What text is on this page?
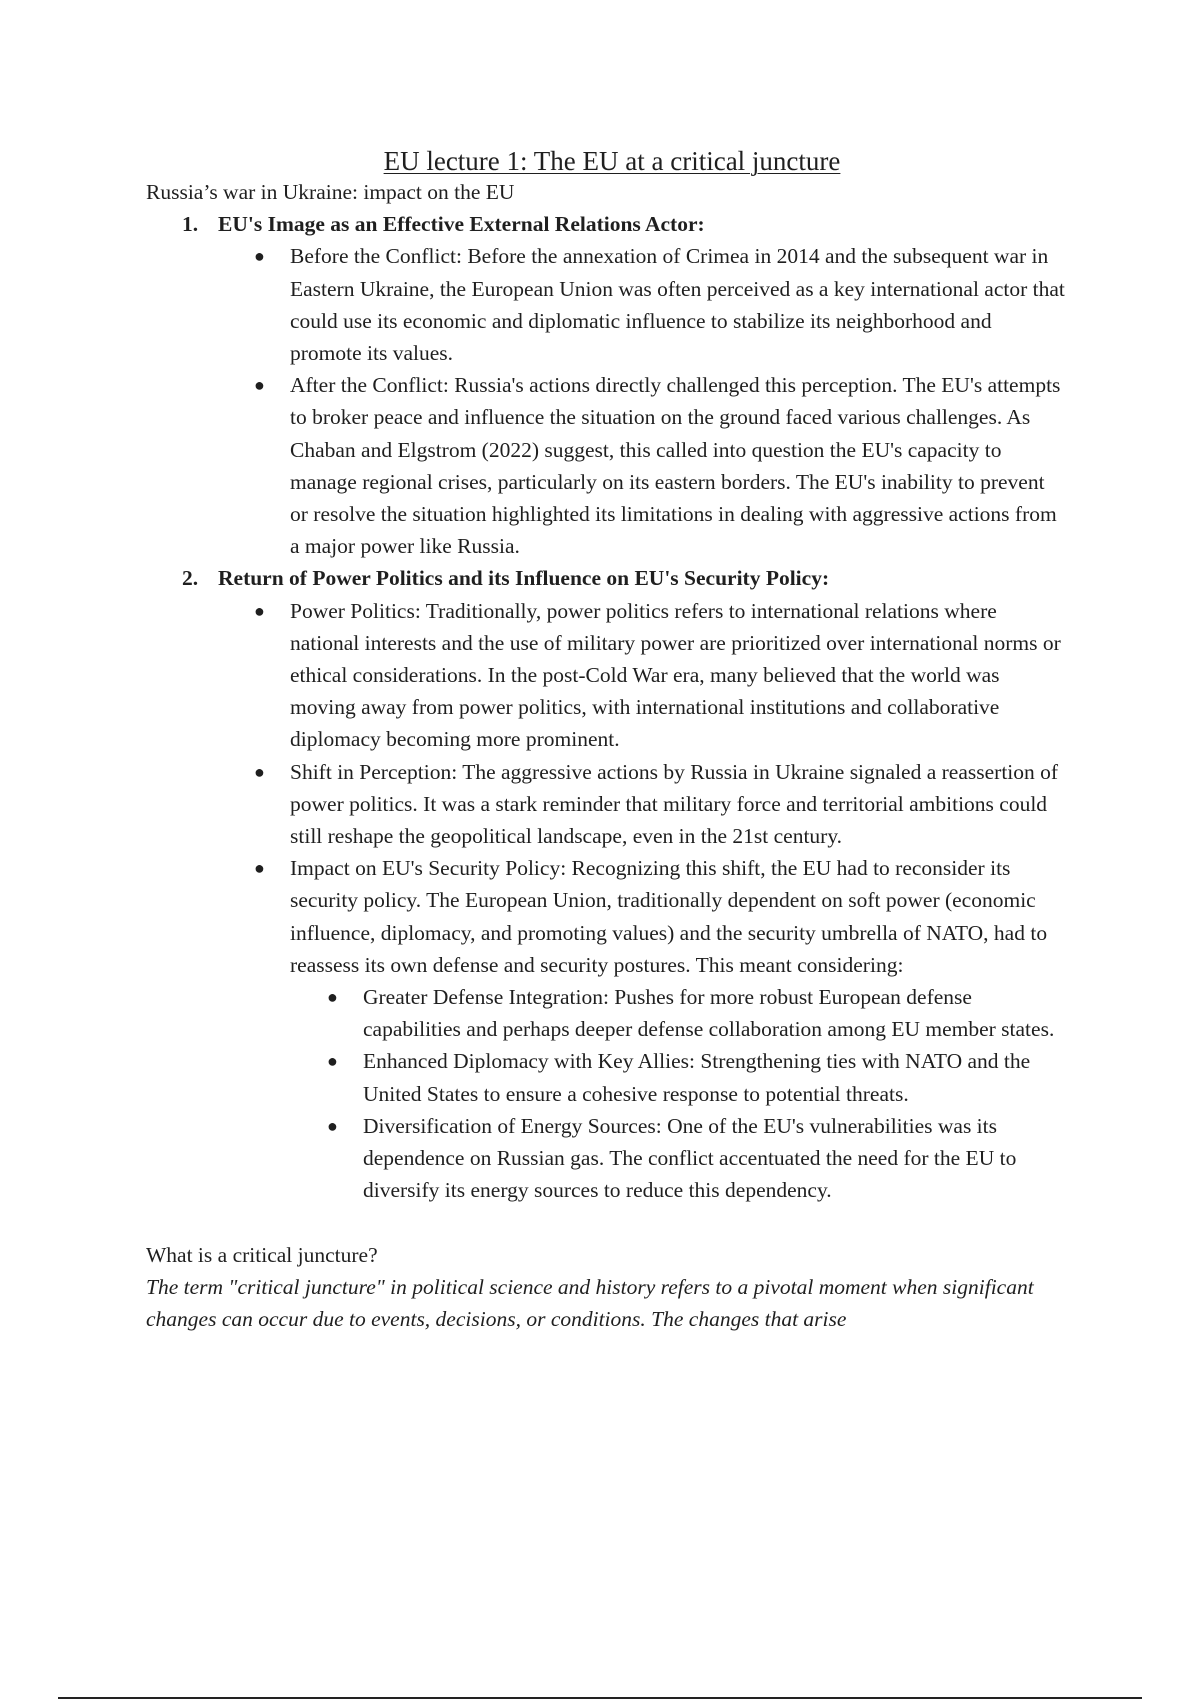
EU lecture 1: The EU at a critical juncture

Russia’s war in Ukraine: impact on the EU

1. EU's Image as an Effective External Relations Actor:
● Before the Conflict: Before the annexation of Crimea in 2014 and the subsequent war in Eastern Ukraine, the European Union was often perceived as a key international actor that could use its economic and diplomatic influence to stabilize its neighborhood and promote its values.
● After the Conflict: Russia's actions directly challenged this perception. The EU's attempts to broker peace and influence the situation on the ground faced various challenges. As Chaban and Elgstrom (2022) suggest, this called into question the EU's capacity to manage regional crises, particularly on its eastern borders. The EU's inability to prevent or resolve the situation highlighted its limitations in dealing with aggressive actions from a major power like Russia.
2. Return of Power Politics and its Influence on EU's Security Policy:
● Power Politics: Traditionally, power politics refers to international relations where national interests and the use of military power are prioritized over international norms or ethical considerations. In the post-Cold War era, many believed that the world was moving away from power politics, with international institutions and collaborative diplomacy becoming more prominent.
● Shift in Perception: The aggressive actions by Russia in Ukraine signaled a reassertion of power politics. It was a stark reminder that military force and territorial ambitions could still reshape the geopolitical landscape, even in the 21st century.
● Impact on EU's Security Policy: Recognizing this shift, the EU had to reconsider its security policy. The European Union, traditionally dependent on soft power (economic influence, diplomacy, and promoting values) and the security umbrella of NATO, had to reassess its own defense and security postures. This meant considering:
● Greater Defense Integration: Pushes for more robust European defense capabilities and perhaps deeper defense collaboration among EU member states.
● Enhanced Diplomacy with Key Allies: Strengthening ties with NATO and the United States to ensure a cohesive response to potential threats.
● Diversification of Energy Sources: One of the EU's vulnerabilities was its dependence on Russian gas. The conflict accentuated the need for the EU to diversify its energy sources to reduce this dependency.

What is a critical juncture?

The term "critical juncture" in political science and history refers to a pivotal moment when significant changes can occur due to events, decisions, or conditions. The changes that arise
